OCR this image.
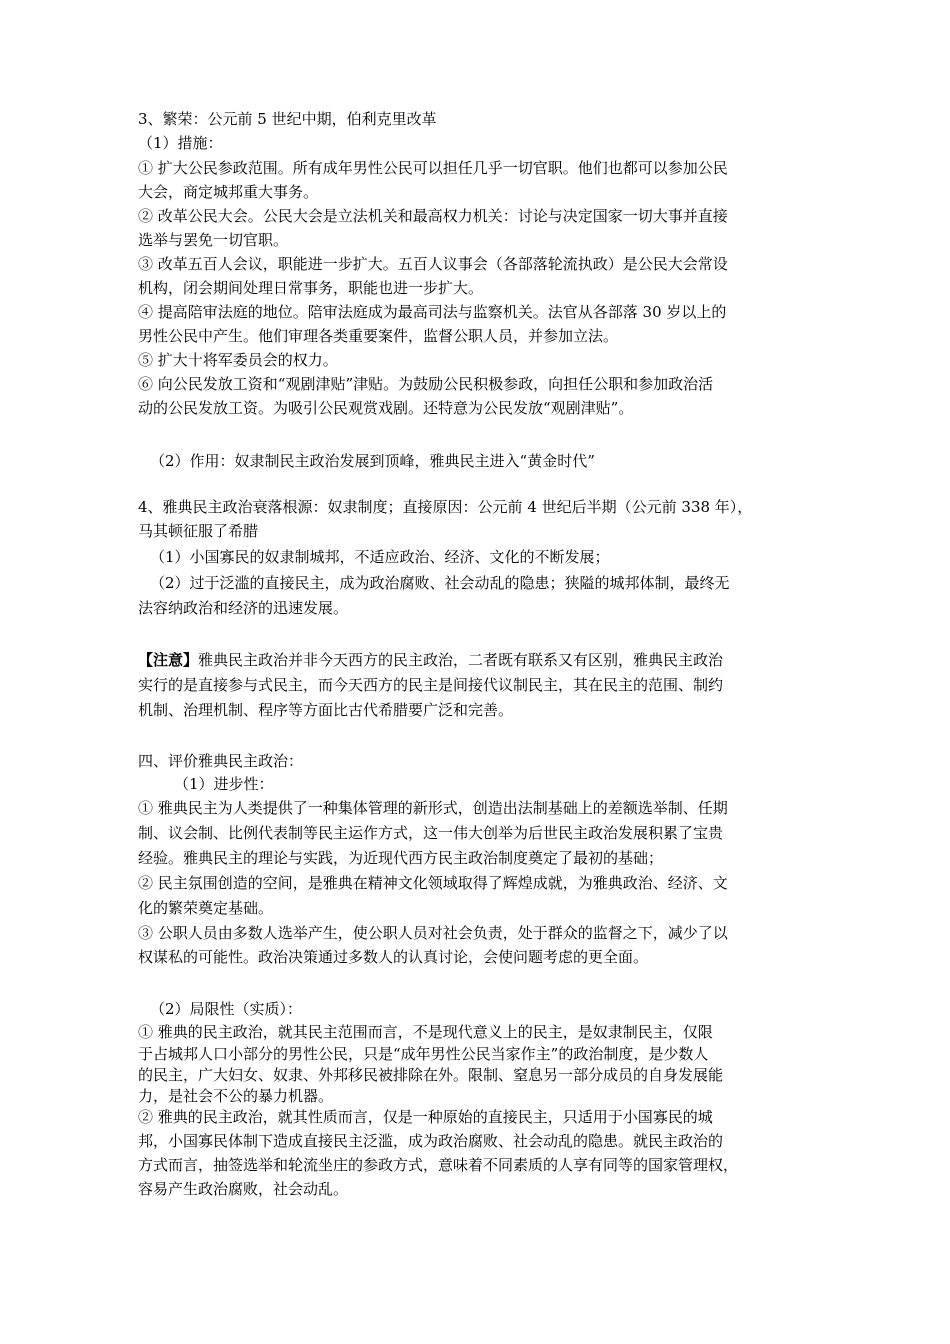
3、繁荣：公元前 5 世纪中期，伯利克里改革
（1）措施：
① 扩大公民参政范围。所有成年男性公民可以担任几乎一切官职。他们也都可以参加公民
大会，商定城邦重大事务。
② 改革公民大会。公民大会是立法机关和最高权力机关：讨论与决定国家一切大事并直接
选举与罢免一切官职。
③ 改革五百人会议，职能进一步扩大。五百人议事会（各部落轮流执政）是公民大会常设
机构，闭会期间处理日常事务，职能也进一步扩大。
④ 提高陪审法庭的地位。陪审法庭成为最高司法与监察机关。法官从各部落 30 岁以上的
男性公民中产生。他们审理各类重要案件，监督公职人员，并参加立法。
⑤ 扩大十将军委员会的权力。
⑥ 向公民发放工资和“观剧津贴”津贴。为鼓励公民积极参政，向担任公职和参加政治活
动的公民发放工资。为吸引公民观赏戏剧。还特意为公民发放“观剧津贴”。
（2）作用：奴隶制民主政治发展到顶峰，雅典民主进入“黄金时代”
4、雅典民主政治衰落根源：奴隶制度；直接原因：公元前 4 世纪后半期（公元前 338 年），
马其顿征服了希腊
（1）小国寡民的奴隶制城邦，不适应政治、经济、文化的不断发展；
（2）过于泛滥的直接民主，成为政治腐败、社会动乱的隐患；狭隘的城邦体制，最终无
法容纳政治和经济的迅速发展。
【注意】雅典民主政治并非今天西方的民主政治，二者既有联系又有区别，雅典民主政治
实行的是直接参与式民主，而今天西方的民主是间接代议制民主，其在民主的范围、制约
机制、治理机制、程序等方面比古代希腊要广泛和完善。
四、评价雅典民主政治：
（1）进步性：
① 雅典民主为人类提供了一种集体管理的新形式，创造出法制基础上的差额选举制、任期
制、议会制、比例代表制等民主运作方式，这一伟大创举为后世民主政治发展积累了宝贵
经验。雅典民主的理论与实践，为近现代西方民主政治制度奠定了最初的基础；
② 民主氛围创造的空间，是雅典在精神文化领域取得了辉煌成就，为雅典政治、经济、文
化的繁荣奠定基础。
③ 公职人员由多数人选举产生，使公职人员对社会负责，处于群众的监督之下，减少了以
权谋私的可能性。政治决策通过多数人的认真讨论，会使问题考虑的更全面。
（2）局限性（实质）：
① 雅典的民主政治，就其民主范围而言，不是现代意义上的民主，是奴隶制民主，仅限
于占城邦人口小部分的男性公民，只是“成年男性公民当家作主”的政治制度，是少数人
的民主，广大妇女、奴隶、外邦移民被排除在外。限制、窒息另一部分成员的自身发展能
力，是社会不公的暴力机器。
② 雅典的民主政治，就其性质而言，仅是一种原始的直接民主，只适用于小国寡民的城
邦，小国寡民体制下造成直接民主泛滥，成为政治腐败、社会动乱的隐患。就民主政治的
方式而言，抽签选举和轮流坐庄的参政方式，意味着不同素质的人享有同等的国家管理权，
容易产生政治腐败，社会动乱。
